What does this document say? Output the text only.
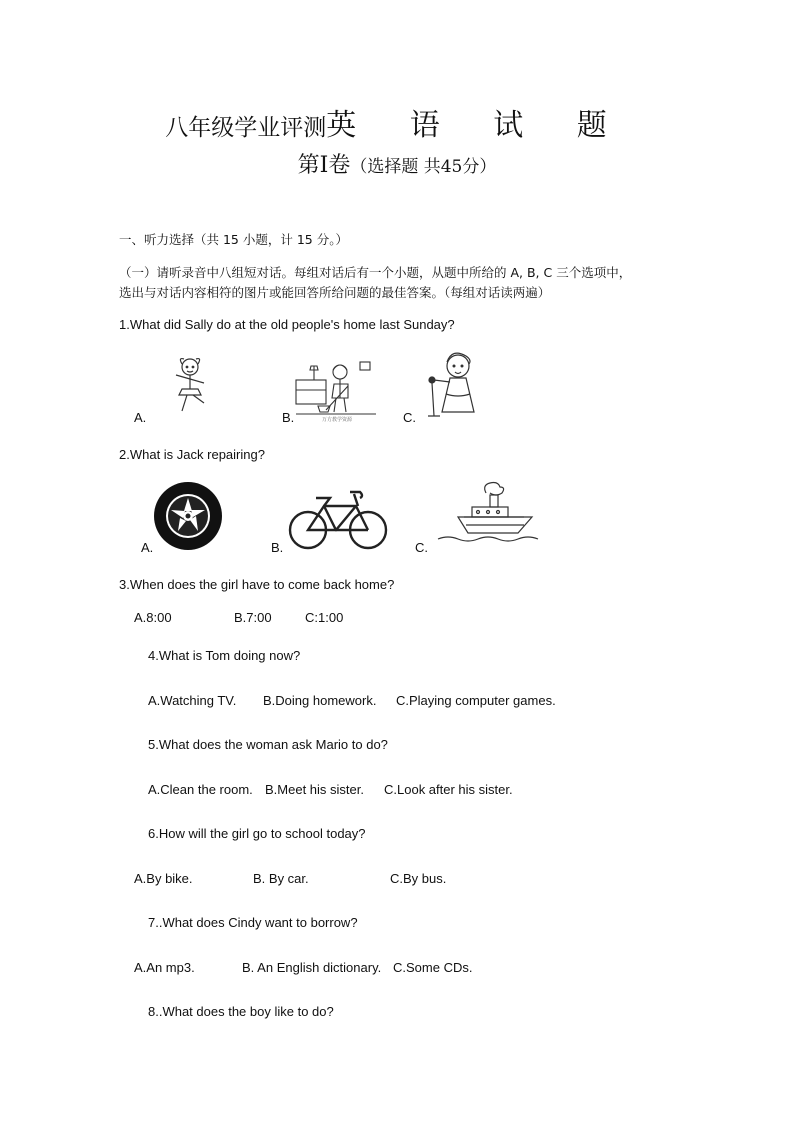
八年级学业评测英 语 试 题
第Ⅰ卷（选择题 共45分）
一、听力选择（共 15 小题，计 15 分。）
（一）请听录音中八组短对话。每组对话后有一个小题，从题中所给的 A, B, C 三个选项中，
选出与对话内容相符的图片或能回答所给问题的最佳答案。（每组对话读两遍）
1.What did Sally do at the old people's home last Sunday?
A.	B.	C.
万方教学资源
2.What is Jack repairing?
A.	B.	C.
3.When does the girl have to come back home?
A.8:00	B.7:00	C:1:00
4.What is Tom doing now?
A.Watching TV. B.Doing homework. C.Playing computer games.
5.What does the woman ask Mario to do?
A.Clean the room. B.Meet his sister. C.Look after his sister.
6.How will the girl go to school today?
A.By bike.	B. By car.	C.By bus.
7..What does Cindy want to borrow?
A.An mp3.	B. An English dictionary. C.Some CDs.
8..What does the boy like to do?
